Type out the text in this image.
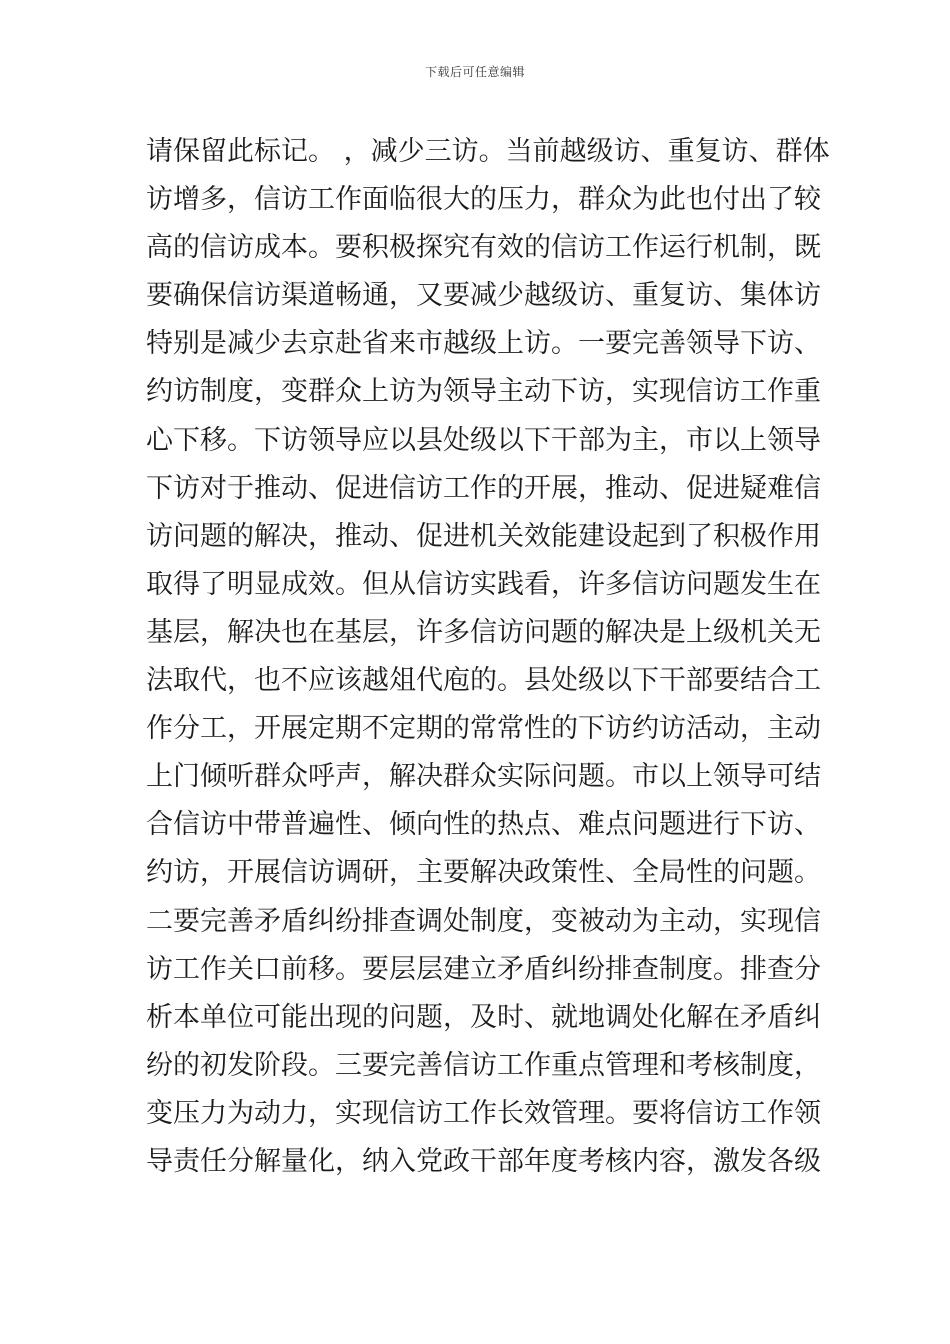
下载后可任意编辑
请保留此标记。 ，减少三访。当前越级访、重复访、群体
访增多，信访工作面临很大的压力，群众为此也付出了较
高的信访成本。要积极探究有效的信访工作运行机制，既
要确保信访渠道畅通，又要减少越级访、重复访、集体访
特别是减少去京赴省来市越级上访。一要完善领导下访、
约访制度，变群众上访为领导主动下访，实现信访工作重
心下移。下访领导应以县处级以下干部为主，市以上领导
下访对于推动、促进信访工作的开展，推动、促进疑难信
访问题的解决，推动、促进机关效能建设起到了积极作用
取得了明显成效。但从信访实践看，许多信访问题发生在
基层，解决也在基层，许多信访问题的解决是上级机关无
法取代，也不应该越俎代庖的。县处级以下干部要结合工
作分工，开展定期不定期的常常性的下访约访活动，主动
上门倾听群众呼声，解决群众实际问题。市以上领导可结
合信访中带普遍性、倾向性的热点、难点问题进行下访、
约访，开展信访调研，主要解决政策性、全局性的问题。
二要完善矛盾纠纷排查调处制度，变被动为主动，实现信
访工作关口前移。要层层建立矛盾纠纷排查制度。排查分
析本单位可能出现的问题，及时、就地调处化解在矛盾纠
纷的初发阶段。三要完善信访工作重点管理和考核制度，
变压力为动力，实现信访工作长效管理。要将信访工作领
导责任分解量化，纳入党政干部年度考核内容，激发各级
